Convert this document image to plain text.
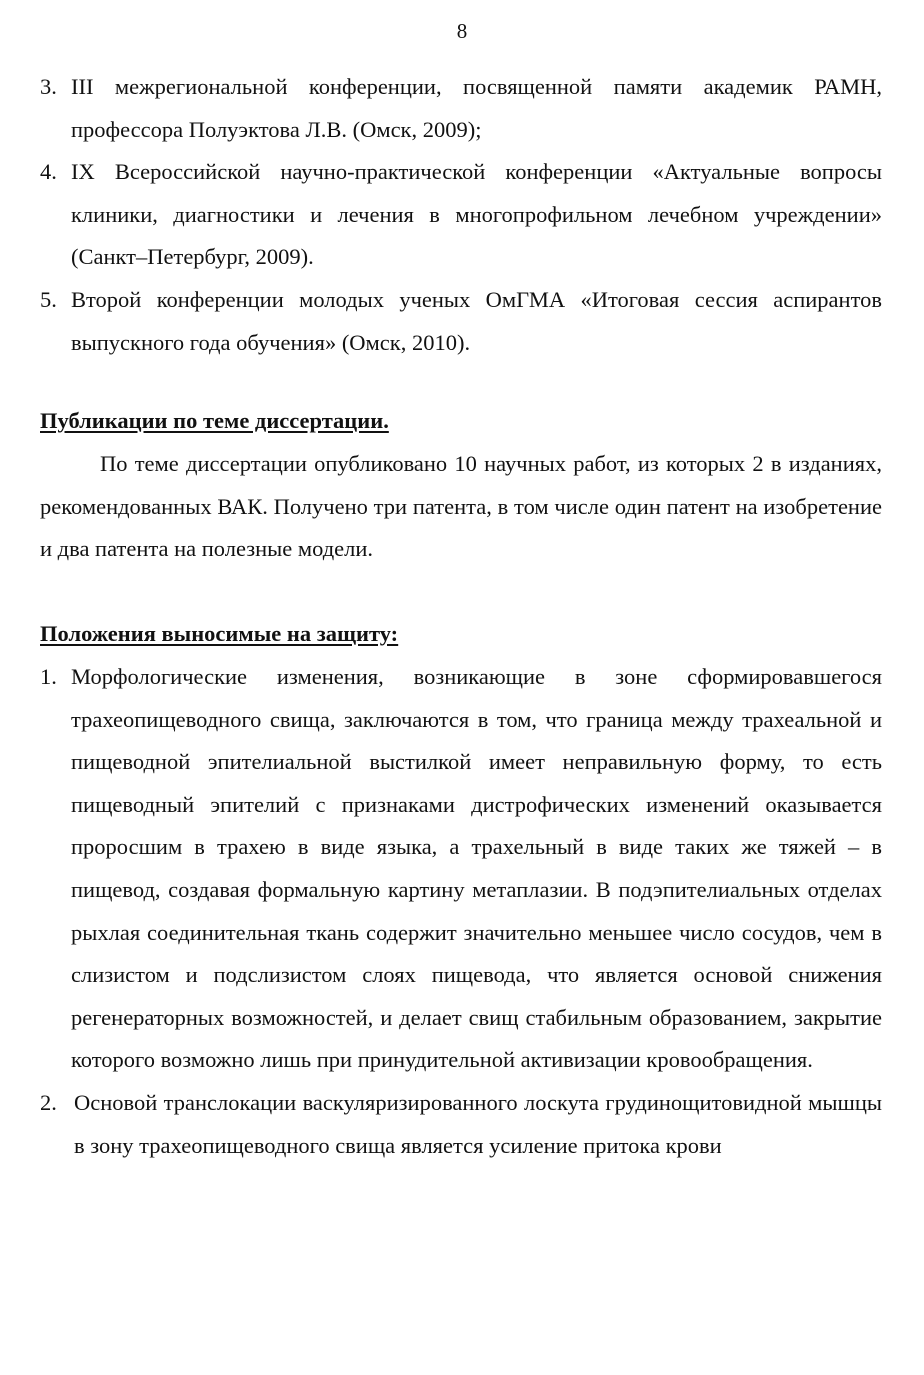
8
3. III межрегиональной конференции, посвященной памяти академик РАМН, профессора Полуэктова Л.В. (Омск, 2009);
4. IX Всероссийской научно-практической конференции «Актуальные вопросы клиники, диагностики и лечения в многопрофильном лечебном учреждении» (Санкт–Петербург, 2009).
5. Второй конференции молодых ученых ОмГМА «Итоговая сессия аспирантов выпускного года обучения» (Омск, 2010).
Публикации по теме диссертации.
По теме диссертации опубликовано 10 научных работ, из которых 2 в изданиях, рекомендованных ВАК. Получено три патента, в том числе один патент на изобретение и два патента на полезные модели.
Положения выносимые на защиту:
1. Морфологические изменения, возникающие в зоне сформировавшегося трахеопищеводного свища, заключаются в том, что граница между трахеальной и пищеводной эпителиальной выстилкой имеет неправильную форму, то есть пищеводный эпителий с признаками дистрофических изменений оказывается проросшим в трахею в виде языка, а трахельный в виде таких же тяжей – в пищевод, создавая формальную картину метаплазии. В подэпителиальных отделах рыхлая соединительная ткань содержит значительно меньшее число сосудов, чем в слизистом и подслизистом слоях пищевода, что является основой снижения регенераторных возможностей, и делает свищ стабильным образованием, закрытие которого возможно лишь при принудительной активизации кровообращения.
2. Основой транслокации васкуляризированного лоскута грудинощитовидной мышцы в зону трахеопищеводного свища является усиление притока крови
